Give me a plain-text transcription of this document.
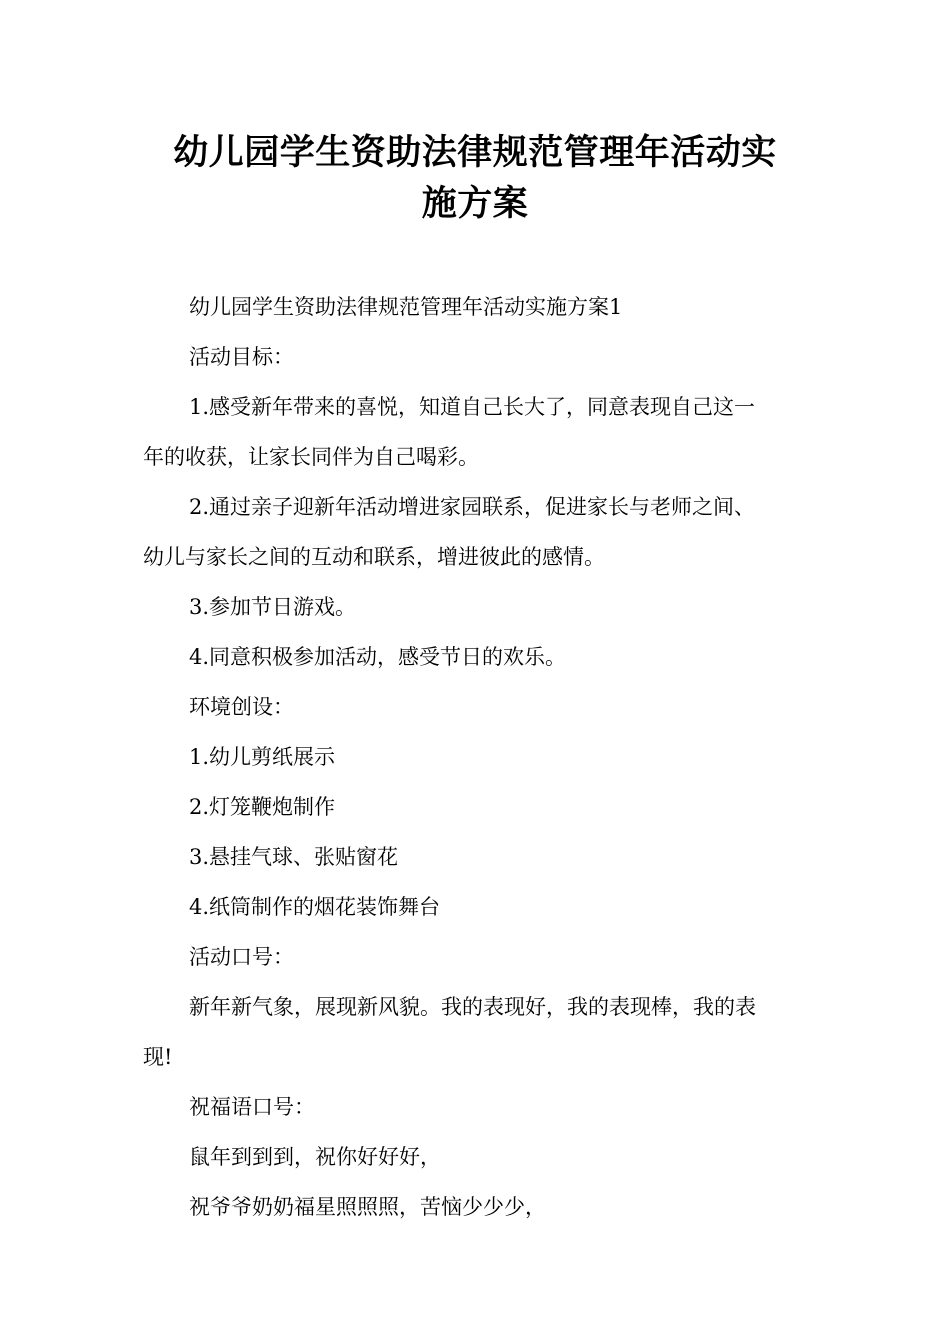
幼儿园学生资助法律规范管理年活动实
施方案

幼儿园学生资助法律规范管理年活动实施方案1

活动目标：

1.感受新年带来的喜悦，知道自己长大了，同意表现自己这一
年的收获，让家长同伴为自己喝彩。

2.通过亲子迎新年活动增进家园联系，促进家长与老师之间、
幼儿与家长之间的互动和联系，增进彼此的感情。

3.参加节日游戏。

4.同意积极参加活动，感受节日的欢乐。

环境创设：

1.幼儿剪纸展示

2.灯笼鞭炮制作

3.悬挂气球、张贴窗花

4.纸筒制作的烟花装饰舞台

活动口号：

新年新气象，展现新风貌。我的表现好，我的表现棒，我的表
现!

祝福语口号：

鼠年到到到，祝你好好好，

祝爷爷奶奶福星照照照，苦恼少少少，
